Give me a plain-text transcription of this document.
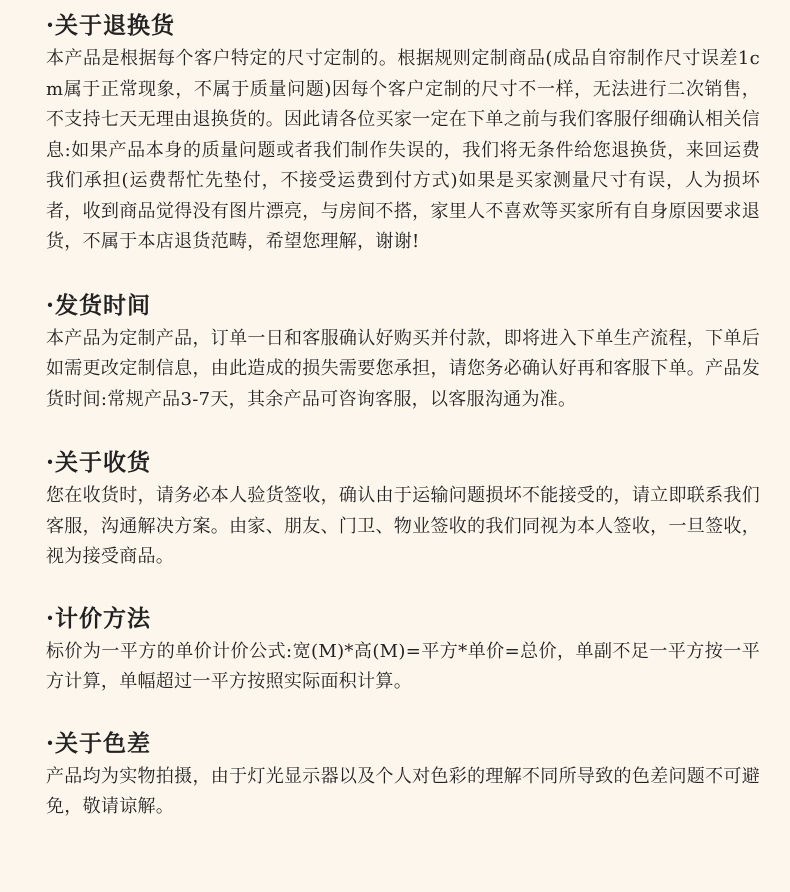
·关于退换货

本产品是根据每个客户特定的尺寸定制的。根据规则定制商品(成品自帘制作尺寸误差1cm属于正常现象，不属于质量问题)因每个客户定制的尺寸不一样，无法进行二次销售，不支持七天无理由退换货的。因此请各位买家一定在下单之前与我们客服仔细确认相关信息:如果产品本身的质量问题或者我们制作失误的，我们将无条件给您退换货，来回运费我们承担(运费帮忙先垫付，不接受运费到付方式)如果是买家测量尺寸有误，人为损坏者，收到商品觉得没有图片漂亮，与房间不搭，家里人不喜欢等买家所有自身原因要求退货，不属于本店退货范畴，希望您理解，谢谢!

·发货时间

本产品为定制产品，订单一日和客服确认好购买并付款，即将进入下单生产流程，下单后如需更改定制信息，由此造成的损失需要您承担，请您务必确认好再和客服下单。产品发货时间:常规产品3-7天，其余产品可咨询客服，以客服沟通为准。

·关于收货

您在收货时，请务必本人验货签收，确认由于运输问题损坏不能接受的，请立即联系我们客服，沟通解决方案。由家、朋友、门卫、物业签收的我们同视为本人签收，一旦签收，视为接受商品。

·计价方法

标价为一平方的单价计价公式:宽(M)*高(M)=平方*单价=总价，单副不足一平方按一平方计算，单幅超过一平方按照实际面积计算。

·关于色差

产品均为实物拍摄，由于灯光显示器以及个人对色彩的理解不同所导致的色差问题不可避免，敬请谅解。
